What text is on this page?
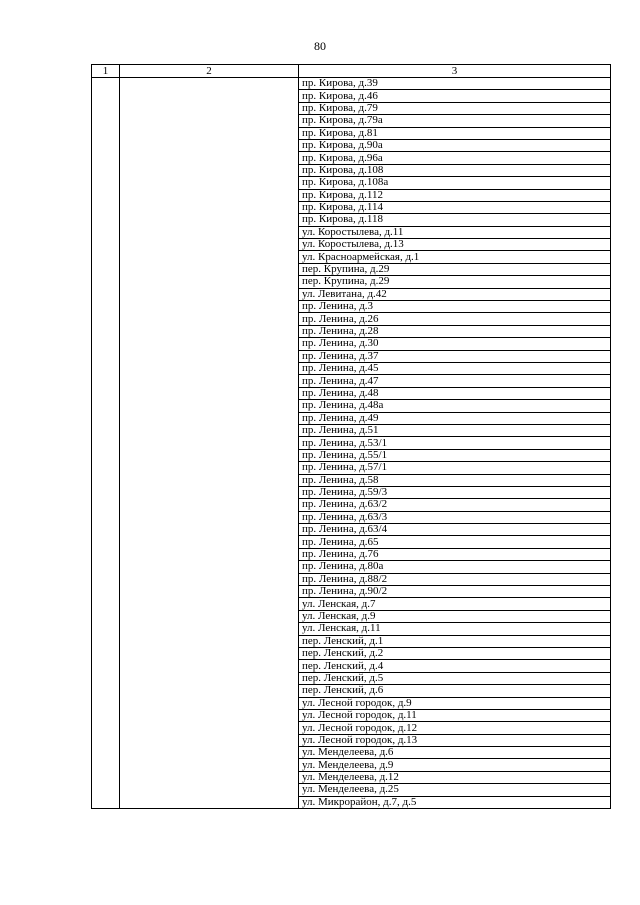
80
1	2	3
		пр. Кирова, д.39
		пр. Кирова, д.46
		пр. Кирова, д.79
		пр. Кирова, д.79а
		пр. Кирова, д.81
		пр. Кирова, д.90а
		пр. Кирова, д.96а
		пр. Кирова, д.108
		пр. Кирова, д.108а
		пр. Кирова, д.112
		пр. Кирова, д.114
		пр. Кирова, д.118
		ул. Коростылева, д.11
		ул. Коростылева, д.13
		ул. Красноармейская, д.1
		пер. Крупина, д.29
		пер. Крупина, д.29
		ул. Левитана, д.42
		пр. Ленина, д.3
		пр. Ленина, д.26
		пр. Ленина, д.28
		пр. Ленина, д.30
		пр. Ленина, д.37
		пр. Ленина, д.45
		пр. Ленина, д.47
		пр. Ленина, д.48
		пр. Ленина, д.48а
		пр. Ленина, д.49
		пр. Ленина, д.51
		пр. Ленина, д.53/1
		пр. Ленина, д.55/1
		пр. Ленина, д.57/1
		пр. Ленина, д.58
		пр. Ленина, д.59/3
		пр. Ленина, д.63/2
		пр. Ленина, д.63/3
		пр. Ленина, д.63/4
		пр. Ленина, д.65
		пр. Ленина, д.76
		пр. Ленина, д.80а
		пр. Ленина, д.88/2
		пр. Ленина, д.90/2
		ул. Ленская, д.7
		ул. Ленская, д.9
		ул. Ленская, д.11
		пер. Ленский, д.1
		пер. Ленский, д.2
		пер. Ленский, д.4
		пер. Ленский, д.5
		пер. Ленский, д.6
		ул. Лесной городок, д.9
		ул. Лесной городок, д.11
		ул. Лесной городок, д.12
		ул. Лесной городок, д.13
		ул. Менделеева, д.6
		ул. Менделеева, д.9
		ул. Менделеева, д.12
		ул. Менделеева, д.25
		ул. Микрорайон, д.7, д.5
